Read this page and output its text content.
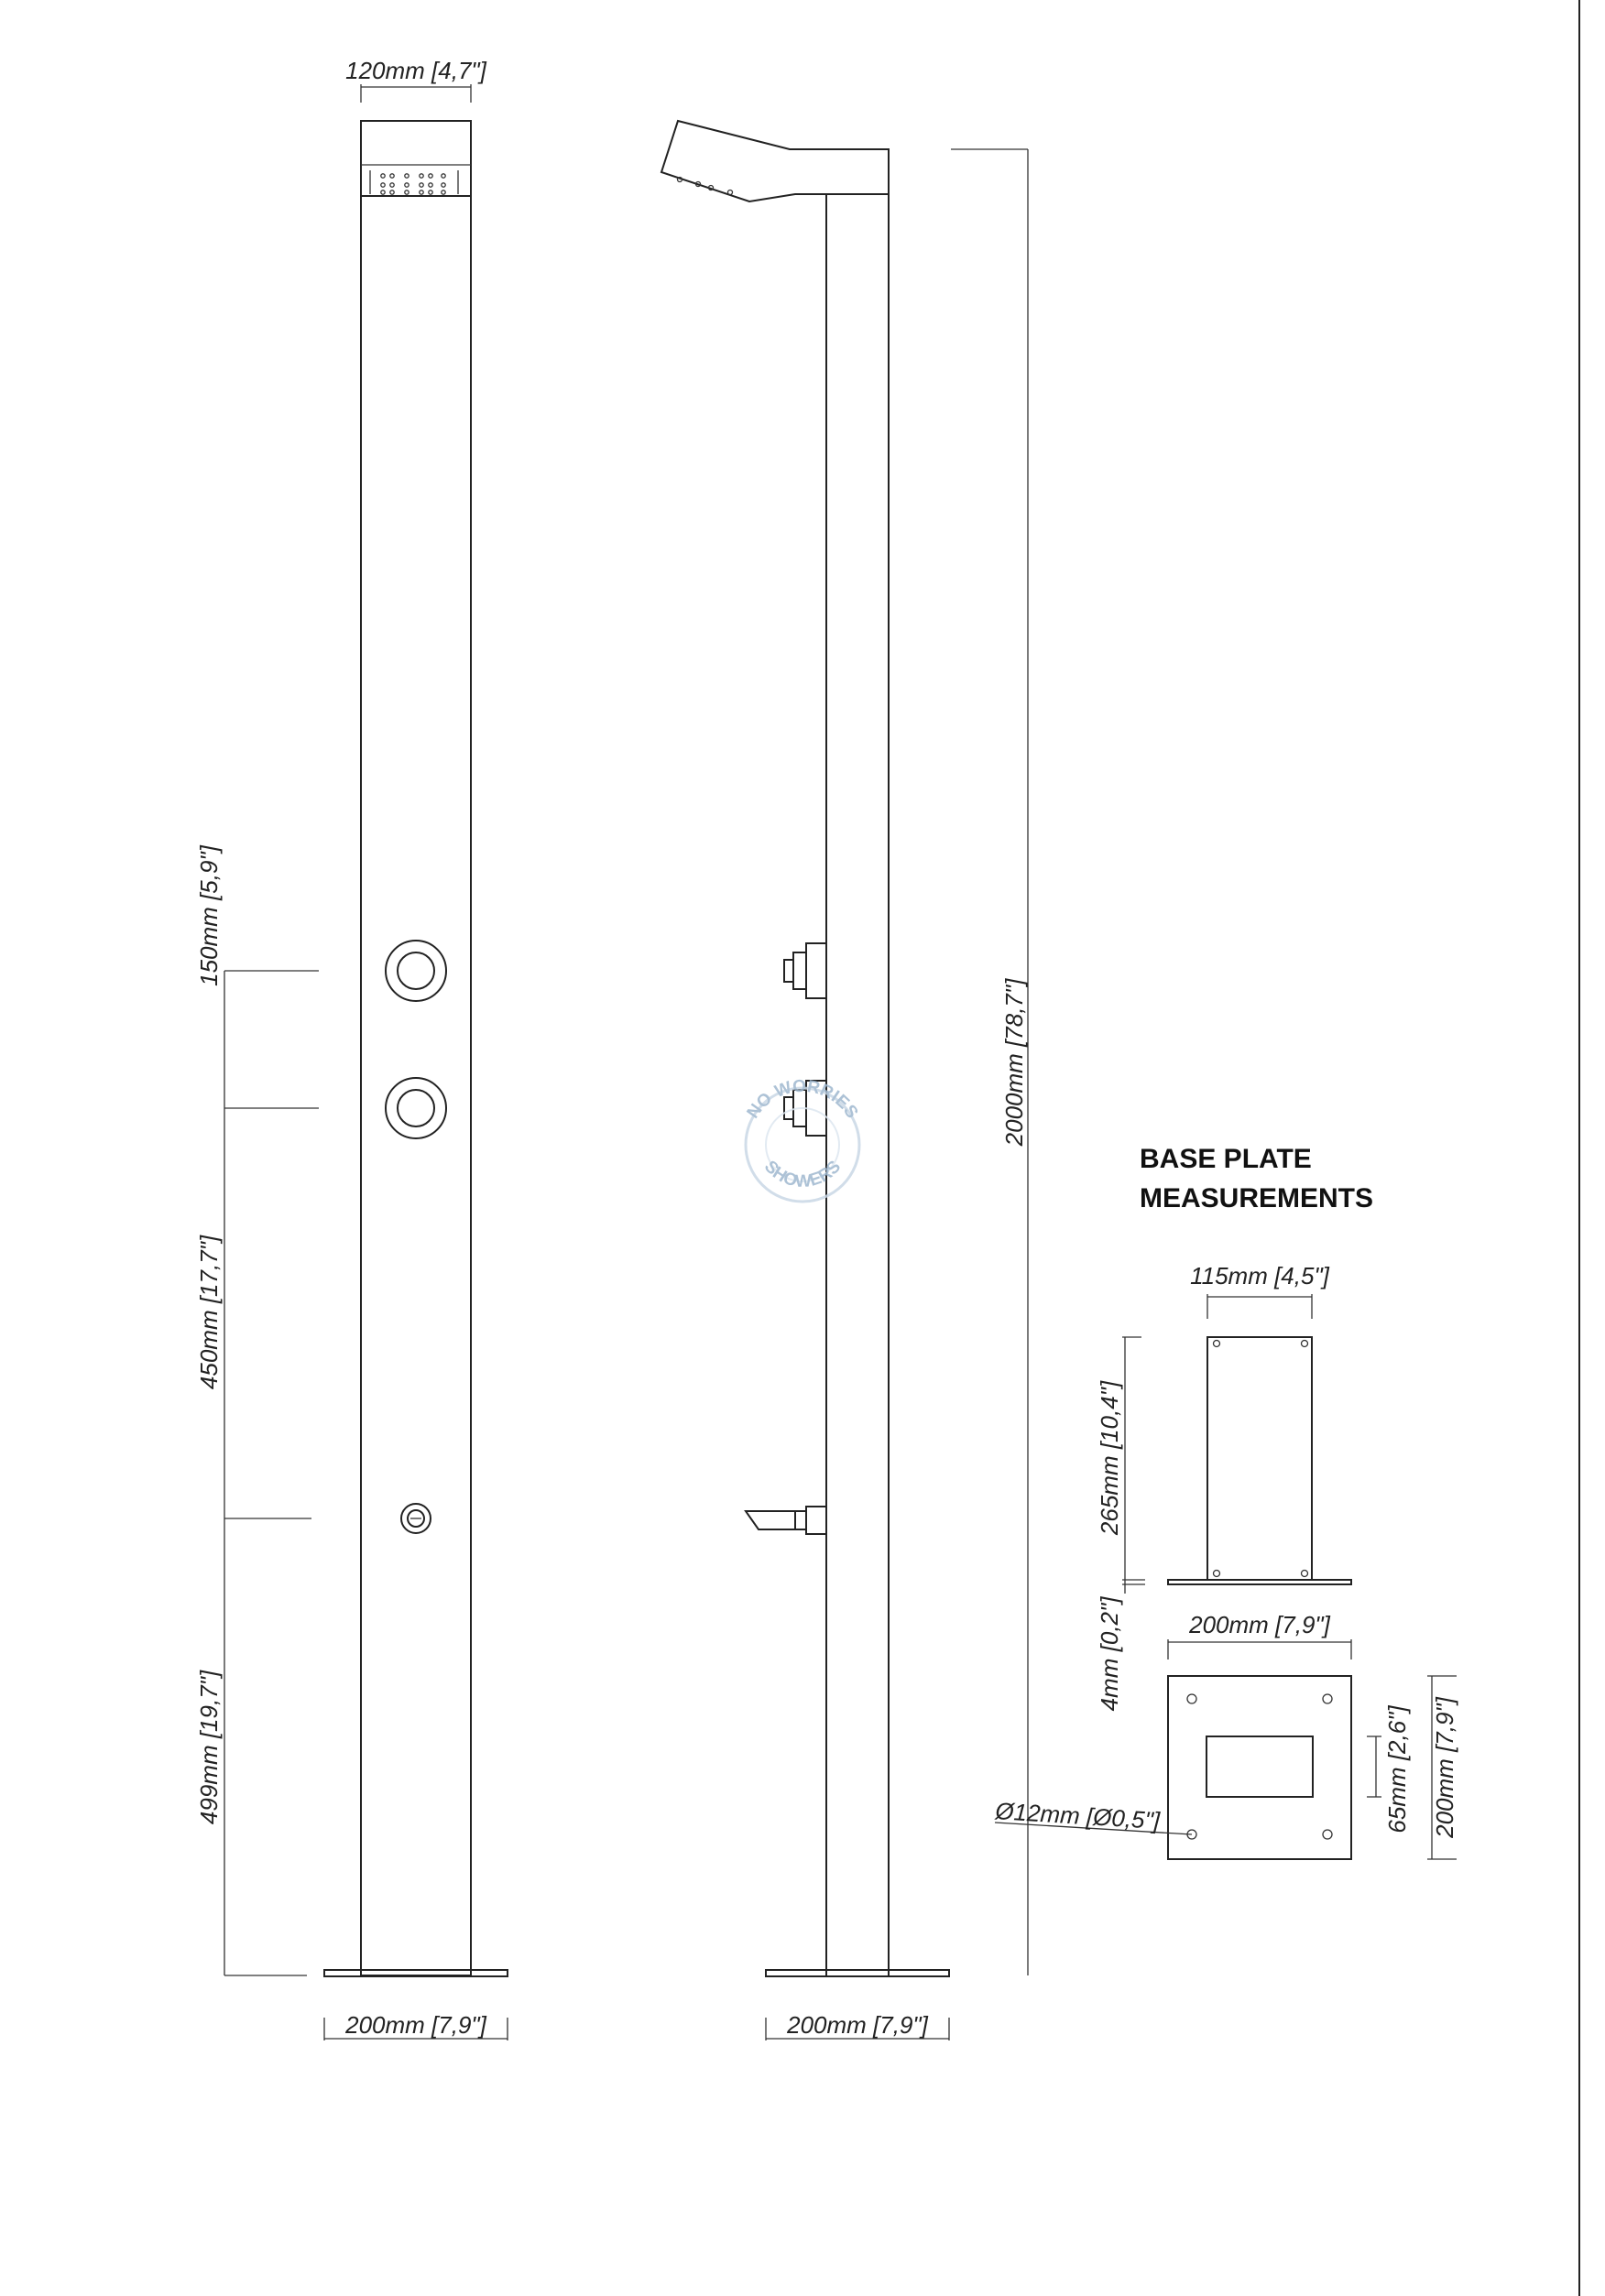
120mm [4,7"]
150mm [5,9"]
450mm [17,7"]
499mm [19,7"]
200mm [7,9"]
2000mm [78,7"]
200mm [7,9"]
NO WORRIES
SHOWERS	BASE PLATE
MEASUREMENTS
115mm [4,5"]
265mm [10,4"]
4mm [0,2"]	200mm [7,9"]
Ø12mm [Ø0,5"]	65mm [2,6"] 200mm [7,9"]
